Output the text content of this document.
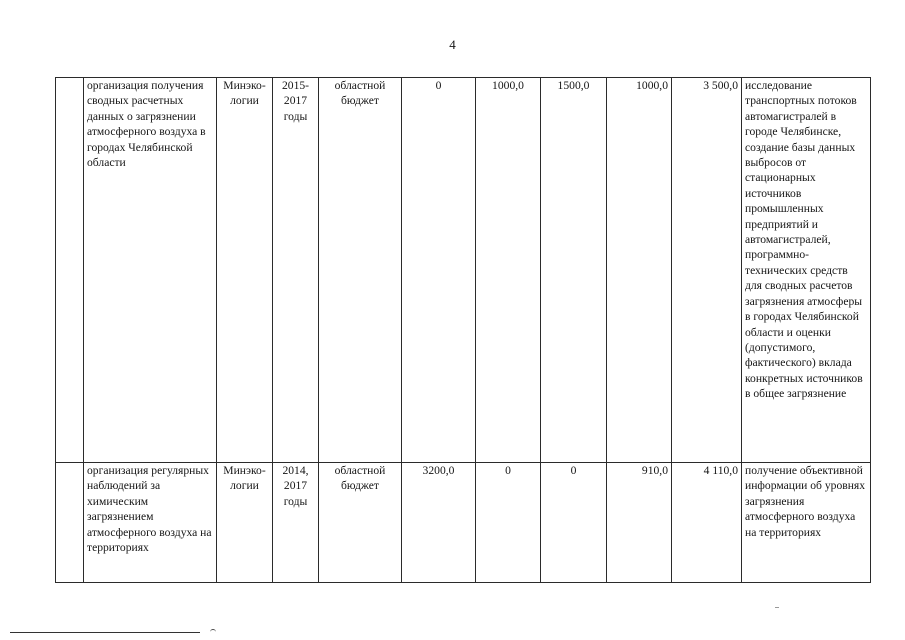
4
	организация получения сводных расчетных данных о загрязнении атмосферного воздуха в городах Челябинской области	Минэко-логии	2015-2017 годы	областной бюджет	0	1000,0	1500,0	1000,0	3 500,0	исследование транспортных потоков автомагистралей в городе Челябинске, создание базы данных выбросов от стационарных источников промышленных предприятий и автомагистралей, программно-технических средств для сводных расчетов загрязнения атмосферы в городах Челябинской области и оценки (допустимого, фактического) вклада конкретных источников в общее загрязнение
	организация регулярных наблюдений за химическим загрязнением атмосферного воздуха на территориях	Минэко-логии	2014, 2017 годы	областной бюджет	3200,0	0	0	910,0	4 110,0	получение объективной информации об уровнях загрязнения атмосферного воздуха на территориях
